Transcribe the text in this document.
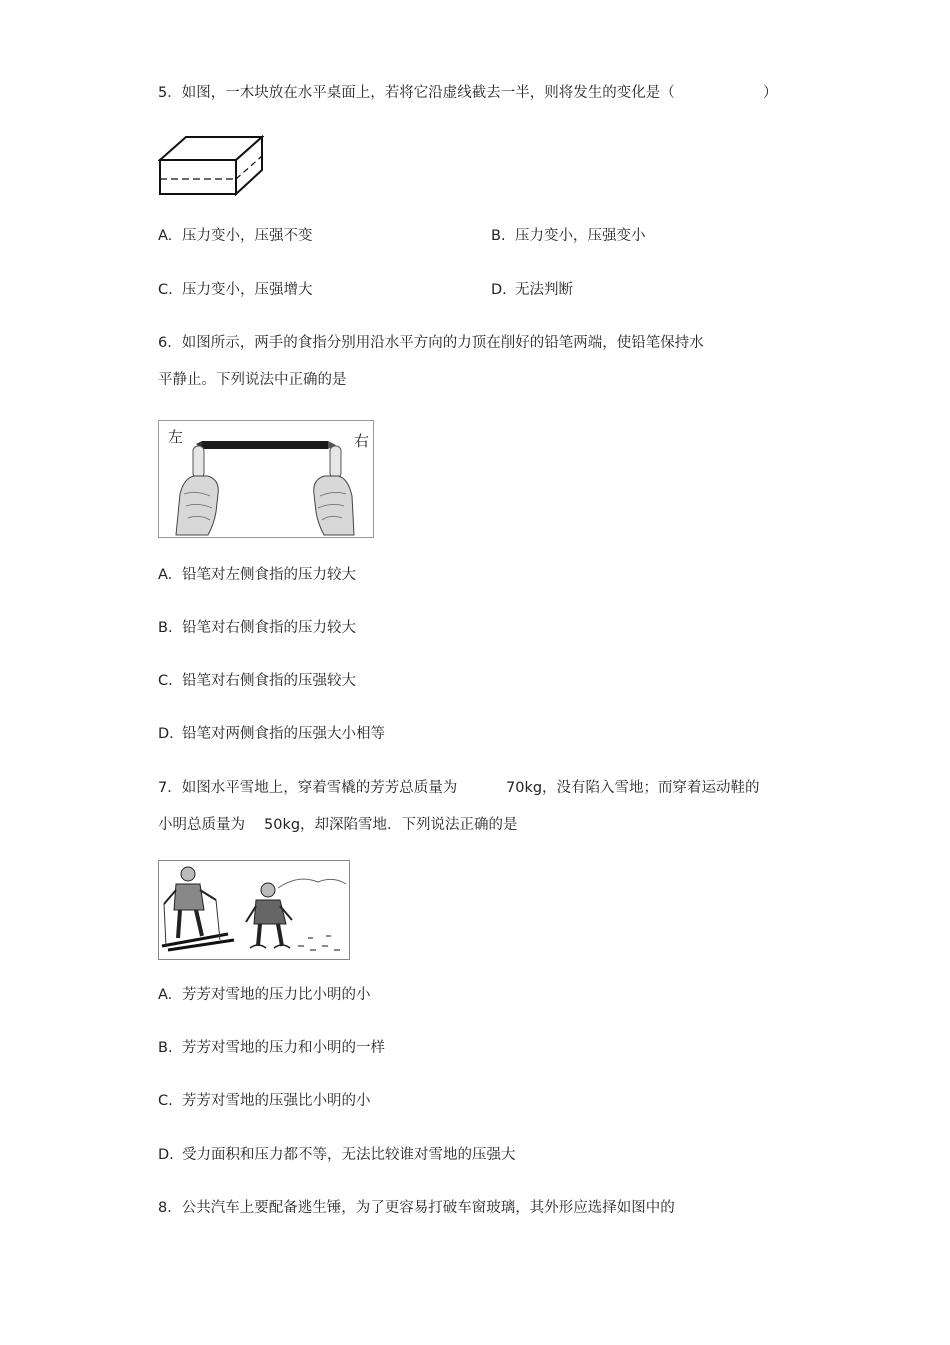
5．如图，一木块放在水平桌面上，若将它沿虚线截去一半，则将发生的变化是（	）
A. 压力变小，压强不变	B. 压力变小，压强变小
C. 压力变小，压强增大	D. 无法判断
6．如图所示，两手的食指分别用沿水平方向的力顶在削好的铅笔两端，使铅笔保持水
平静止。下列说法中正确的是
左	右
A. 铅笔对左侧食指的压力较大
B. 铅笔对右侧食指的压力较大
C. 铅笔对右侧食指的压强较大
D. 铅笔对两侧食指的压强大小相等
7．如图水平雪地上，穿着雪橇的芳芳总质量为	70kg，没有陷入雪地；而穿着运动鞋的
小明总质量为 50kg，却深陷雪地．下列说法正确的是
A. 芳芳对雪地的压力比小明的小
B. 芳芳对雪地的压力和小明的一样
C. 芳芳对雪地的压强比小明的小
D. 受力面积和压力都不等，无法比较谁对雪地的压强大
8．公共汽车上要配备逃生锤，为了更容易打破车窗玻璃，其外形应选择如图中的
